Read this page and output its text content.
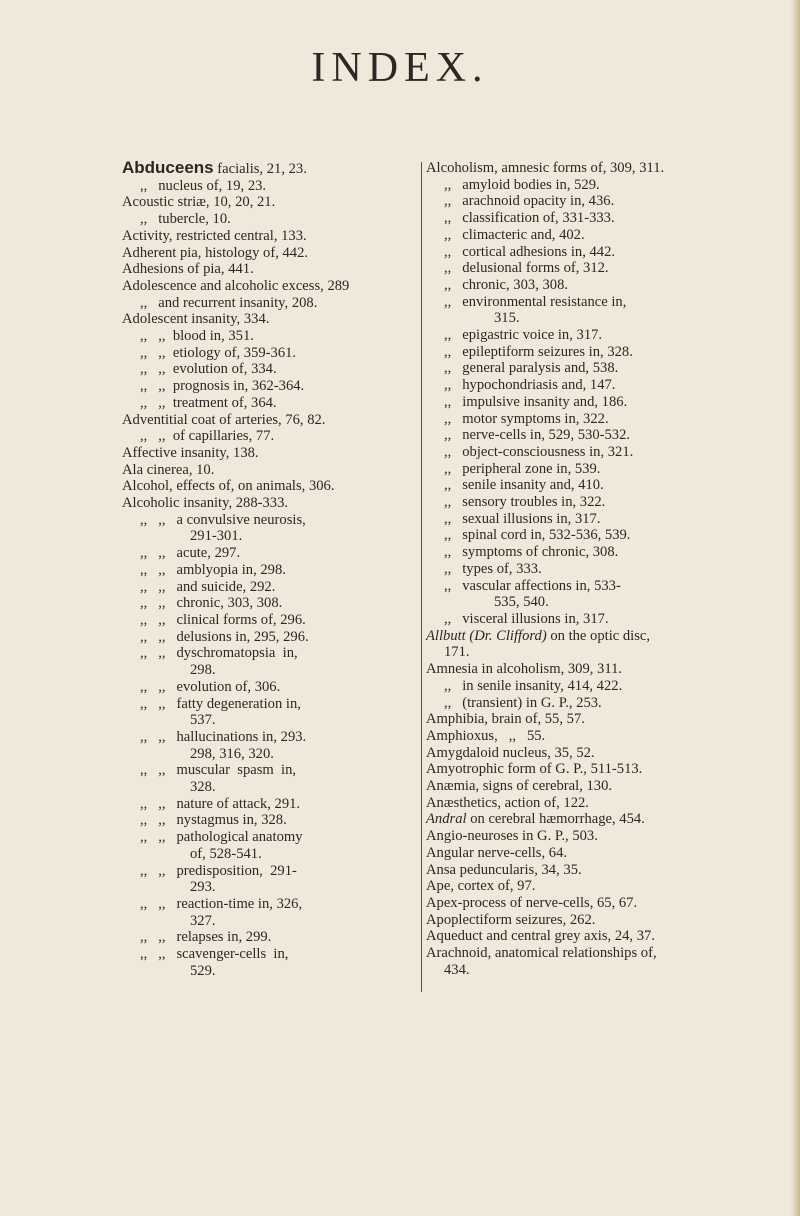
INDEX.
Abduceens facialis, 21, 23.
,,   nucleus of, 19, 23.
Acoustic striæ, 10, 20, 21.
,,   tubercle, 10.
Activity, restricted central, 133.
Adherent pia, histology of, 442.
Adhesions of pia, 441.
Adolescence and alcoholic excess, 289
,,   and recurrent insanity, 208.
Adolescent insanity, 334.
,,   ,,  blood in, 351.
,,   ,,  etiology of, 359-361.
,,   ,,  evolution of, 334.
,,   ,,  prognosis in, 362-364.
,,   ,,  treatment of, 364.
Adventitial coat of arteries, 76, 82.
,,   ,,  of capillaries, 77.
Affective insanity, 138.
Ala cinerea, 10.
Alcohol, effects of, on animals, 306.
Alcoholic insanity, 288-333.
,,   ,,   a convulsive neurosis,
291-301.
,,   ,,   acute, 297.
,,   ,,   amblyopia in, 298.
,,   ,,   and suicide, 292.
,,   ,,   chronic, 303, 308.
,,   ,,   clinical forms of, 296.
,,   ,,   delusions in, 295, 296.
,,   ,,   dyschromatopsia  in,
298.
,,   ,,   evolution of, 306.
,,   ,,   fatty degeneration in,
537.
,,   ,,   hallucinations in, 293.
298, 316, 320.
,,   ,,   muscular  spasm  in,
328.
,,   ,,   nature of attack, 291.
,,   ,,   nystagmus in, 328.
,,   ,,   pathological anatomy
of, 528-541.
,,   ,,   predisposition,  291-
293.
,,   ,,   reaction-time in, 326,
327.
,,   ,,   relapses in, 299.
,,   ,,   scavenger-cells  in,
529.
Alcoholism, amnesic forms of, 309, 311.
,,   amyloid bodies in, 529.
,,   arachnoid opacity in, 436.
,,   classification of, 331-333.
,,   climacteric and, 402.
,,   cortical adhesions in, 442.
,,   delusional forms of, 312.
,,   chronic, 303, 308.
,,   environmental resistance in,
315.
,,   epigastric voice in, 317.
,,   epileptiform seizures in, 328.
,,   general paralysis and, 538.
,,   hypochondriasis and, 147.
,,   impulsive insanity and, 186.
,,   motor symptoms in, 322.
,,   nerve-cells in, 529, 530-532.
,,   object-consciousness in, 321.
,,   peripheral zone in, 539.
,,   senile insanity and, 410.
,,   sensory troubles in, 322.
,,   sexual illusions in, 317.
,,   spinal cord in, 532-536, 539.
,,   symptoms of chronic, 308.
,,   types of, 333.
,,   vascular affections in, 533-
535, 540.
,,   visceral illusions in, 317.
Allbutt (Dr. Clifford) on the optic disc,
171.
Amnesia in alcoholism, 309, 311.
,,   in senile insanity, 414, 422.
,,   (transient) in G. P., 253.
Amphibia, brain of, 55, 57.
Amphioxus,   ,,   55.
Amygdaloid nucleus, 35, 52.
Amyotrophic form of G. P., 511-513.
Anæmia, signs of cerebral, 130.
Anæsthetics, action of, 122.
Andral on cerebral hæmorrhage, 454.
Angio-neuroses in G. P., 503.
Angular nerve-cells, 64.
Ansa peduncularis, 34, 35.
Ape, cortex of, 97.
Apex-process of nerve-cells, 65, 67.
Apoplectiform seizures, 262.
Aqueduct and central grey axis, 24, 37.
Arachnoid, anatomical relationships of,
434.
